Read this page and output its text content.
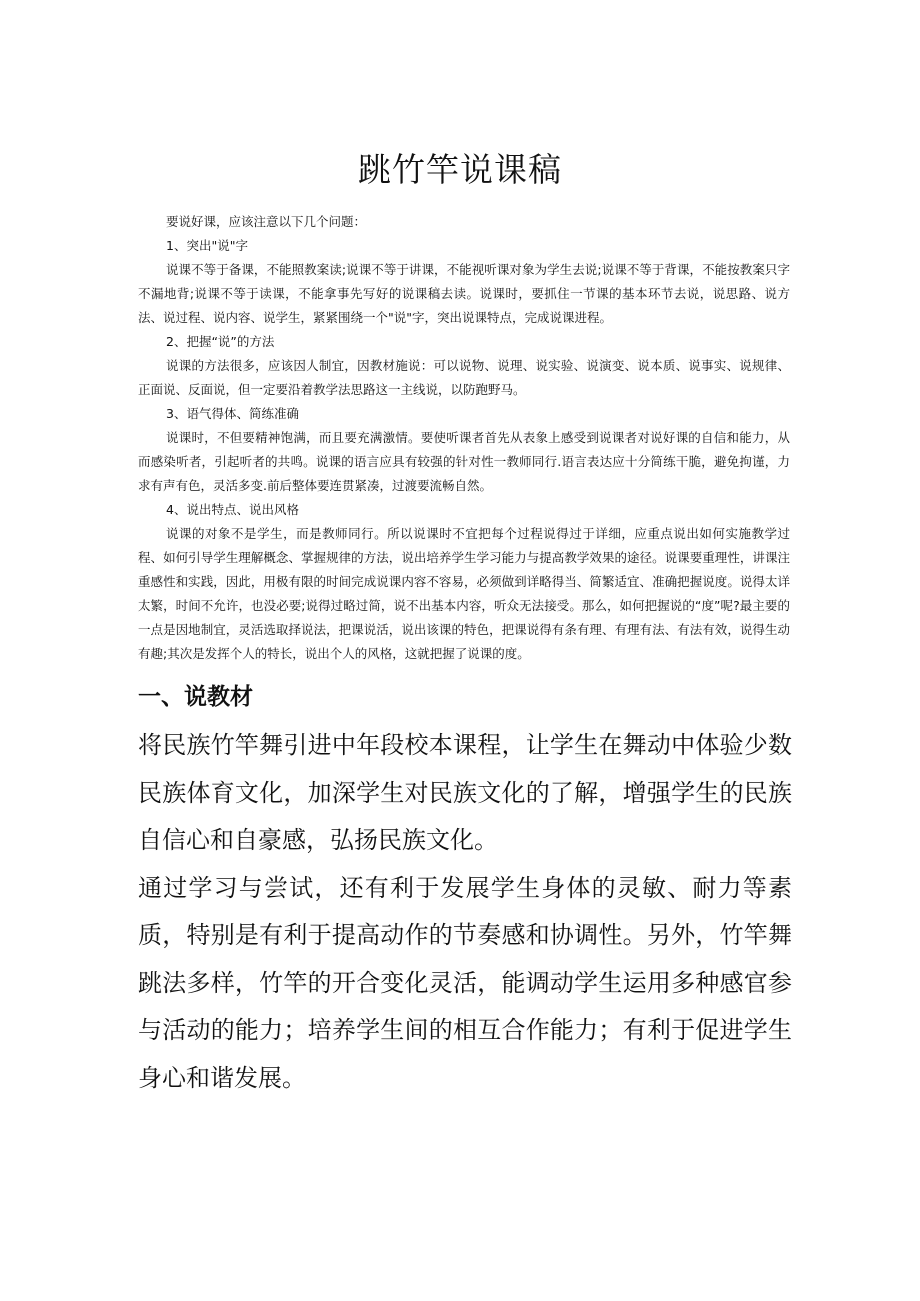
跳竹竿说课稿

要说好课，应该注意以下几个问题：

1、突出"说"字

说课不等于备课，不能照教案读;说课不等于讲课，不能视听课对象为学生去说;说课不等于背课，不能按教案只字不漏地背;说课不等于读课，不能拿事先写好的说课稿去读。说课时，要抓住一节课的基本环节去说，说思路、说方法、说过程、说内容、说学生，紧紧围绕一个"说"字，突出说课特点，完成说课进程。

2、把握“说”的方法

说课的方法很多，应该因人制宜，因教材施说：可以说物、说理、说实验、说演变、说本质、说事实、说规律、正面说、反面说，但一定要沿着教学法思路这一主线说，以防跑野马。

3、语气得体、简练准确

说课时，不但要精神饱满，而且要充满激情。要使听课者首先从表象上感受到说课者对说好课的自信和能力，从而感染听者，引起听者的共鸣。说课的语言应具有较强的针对性一教师同行.语言表达应十分简练干脆，避免拘谨，力求有声有色，灵活多变.前后整体要连贯紧凑，过渡要流畅自然。

4、说出特点、说出风格

说课的对象不是学生，而是教师同行。所以说课时不宜把每个过程说得过于详细，应重点说出如何实施教学过程、如何引导学生理解概念、掌握规律的方法，说出培养学生学习能力与提高教学效果的途径。说课要重理性，讲课注重感性和实践，因此，用极有限的时间完成说课内容不容易，必须做到详略得当、简繁适宜、准确把握说度。说得太详太繁，时间不允许，也没必要;说得过略过简，说不出基本内容，听众无法接受。那么，如何把握说的“度”呢?最主要的一点是因地制宜，灵活选取择说法，把课说活，说出该课的特色，把课说得有条有理、有理有法、有法有效，说得生动有趣;其次是发挥个人的特长，说出个人的风格，这就把握了说课的度。

一、说教材

将民族竹竿舞引进中年段校本课程，让学生在舞动中体验少数民族体育文化，加深学生对民族文化的了解，增强学生的民族自信心和自豪感，弘扬民族文化。

通过学习与尝试，还有利于发展学生身体的灵敏、耐力等素质，特别是有利于提高动作的节奏感和协调性。另外，竹竿舞跳法多样，竹竿的开合变化灵活，能调动学生运用多种感官参与活动的能力；培养学生间的相互合作能力；有利于促进学生身心和谐发展。
